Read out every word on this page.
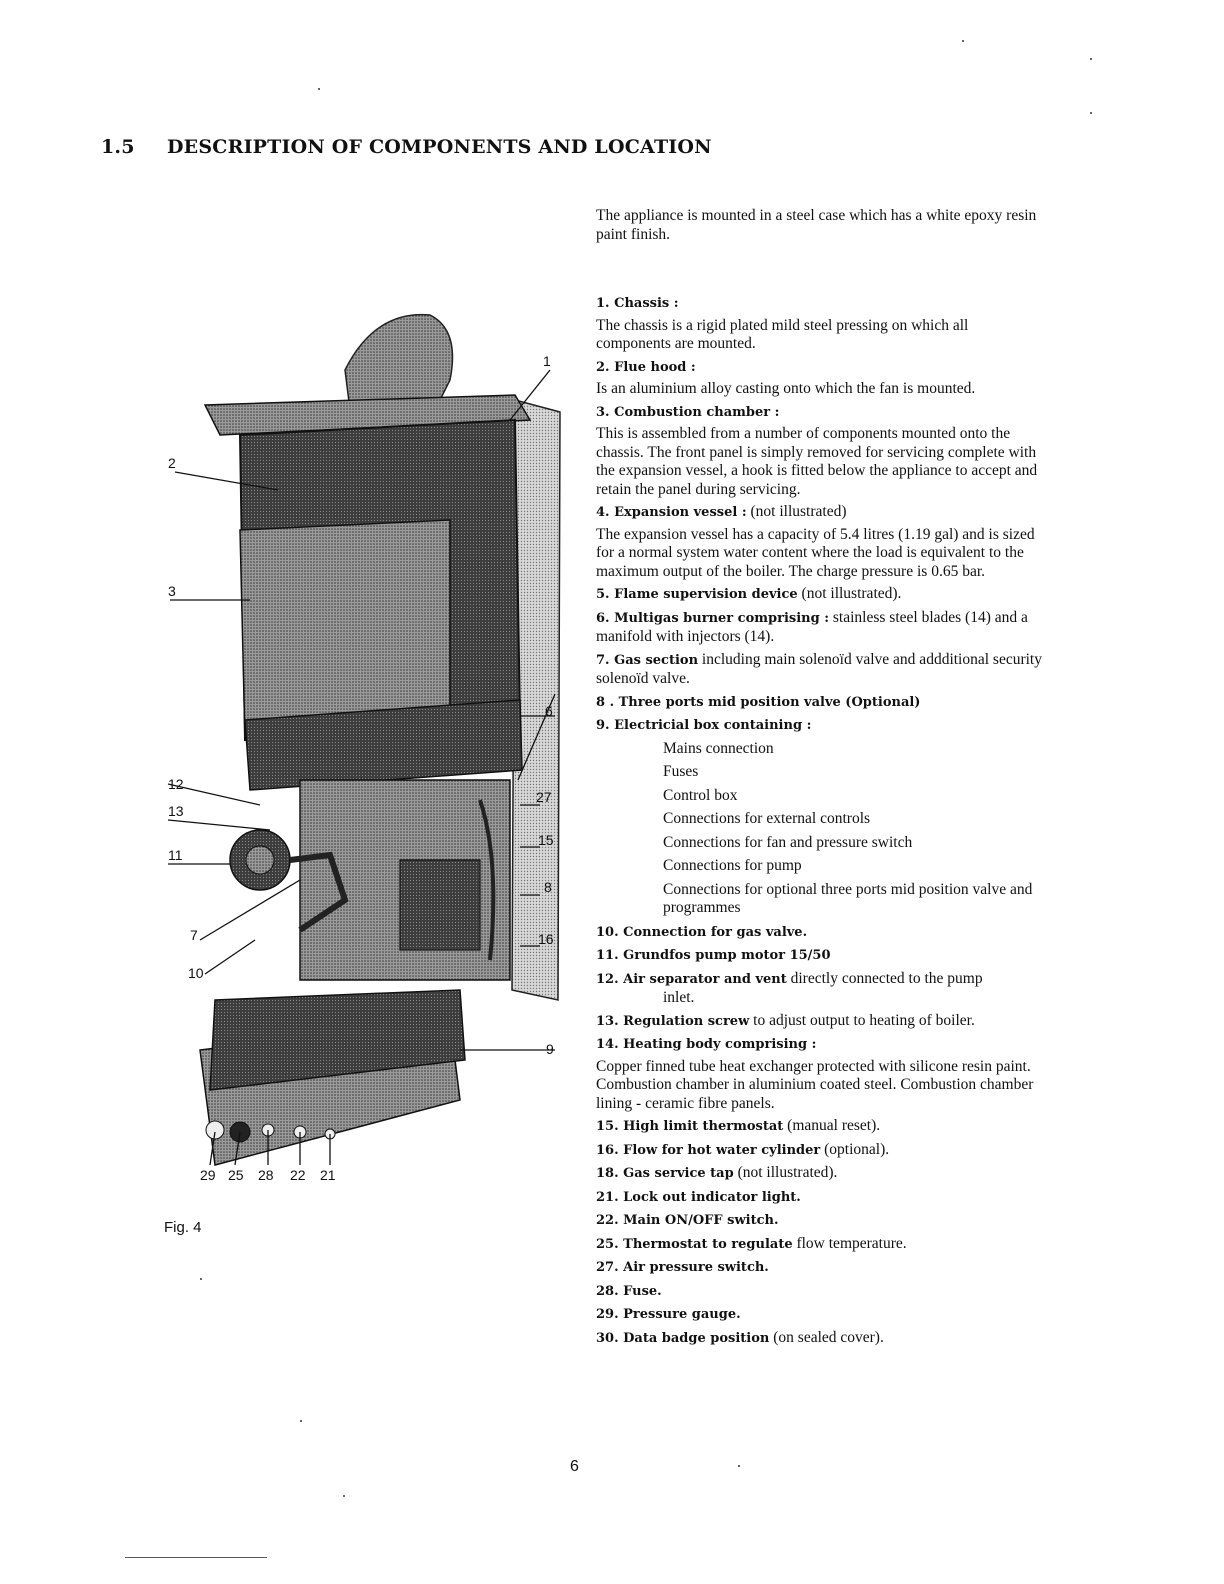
1.5 DESCRIPTION OF COMPONENTS AND LOCATION
The appliance is mounted in a steel case which has a white epoxy resin paint finish.
1
2
3
12
13
11
7
10
6
27
15
8
16
9
29 25 28 22 21
Fig. 4
1. Chassis :
The chassis is a rigid plated mild steel pressing on which all components are mounted.
2. Flue hood :
Is an aluminium alloy casting onto which the fan is mounted.
3. Combustion chamber :
This is assembled from a number of components mounted onto the chassis. The front panel is simply removed for servicing complete with the expansion vessel, a hook is fitted below the appliance to accept and retain the panel during servicing.
4. Expansion vessel : (not illustrated)
The expansion vessel has a capacity of 5.4 litres (1.19 gal) and is sized for a normal system water content where the load is equivalent to the maximum output of the boiler. The charge pressure is 0.65 bar.
5. Flame supervision device (not illustrated).
6. Multigas burner comprising : stainless steel blades (14) and a manifold with injectors (14).
7. Gas section including main solenoïd valve and addditional security solenoïd valve.
8 . Three ports mid position valve (Optional)
9. Electricial box containing :
Mains connection
Fuses
Control box
Connections for external controls
Connections for fan and pressure switch
Connections for pump
Connections for optional three ports mid position valve and programmes
10. Connection for gas valve.
11. Grundfos pump motor 15/50
12. Air separator and vent directly connected to the pump
inlet.
13. Regulation screw to adjust output to heating of boiler.
14. Heating body comprising :
Copper finned tube heat exchanger protected with silicone resin paint. Combustion chamber in aluminium coated steel. Combustion chamber lining - ceramic fibre panels.
15. High limit thermostat (manual reset).
16. Flow for hot water cylinder (optional).
18. Gas service tap (not illustrated).
21. Lock out indicator light.
22. Main ON/OFF switch.
25. Thermostat to regulate flow temperature.
27. Air pressure switch.
28. Fuse.
29. Pressure gauge.
30. Data badge position (on sealed cover).
6
